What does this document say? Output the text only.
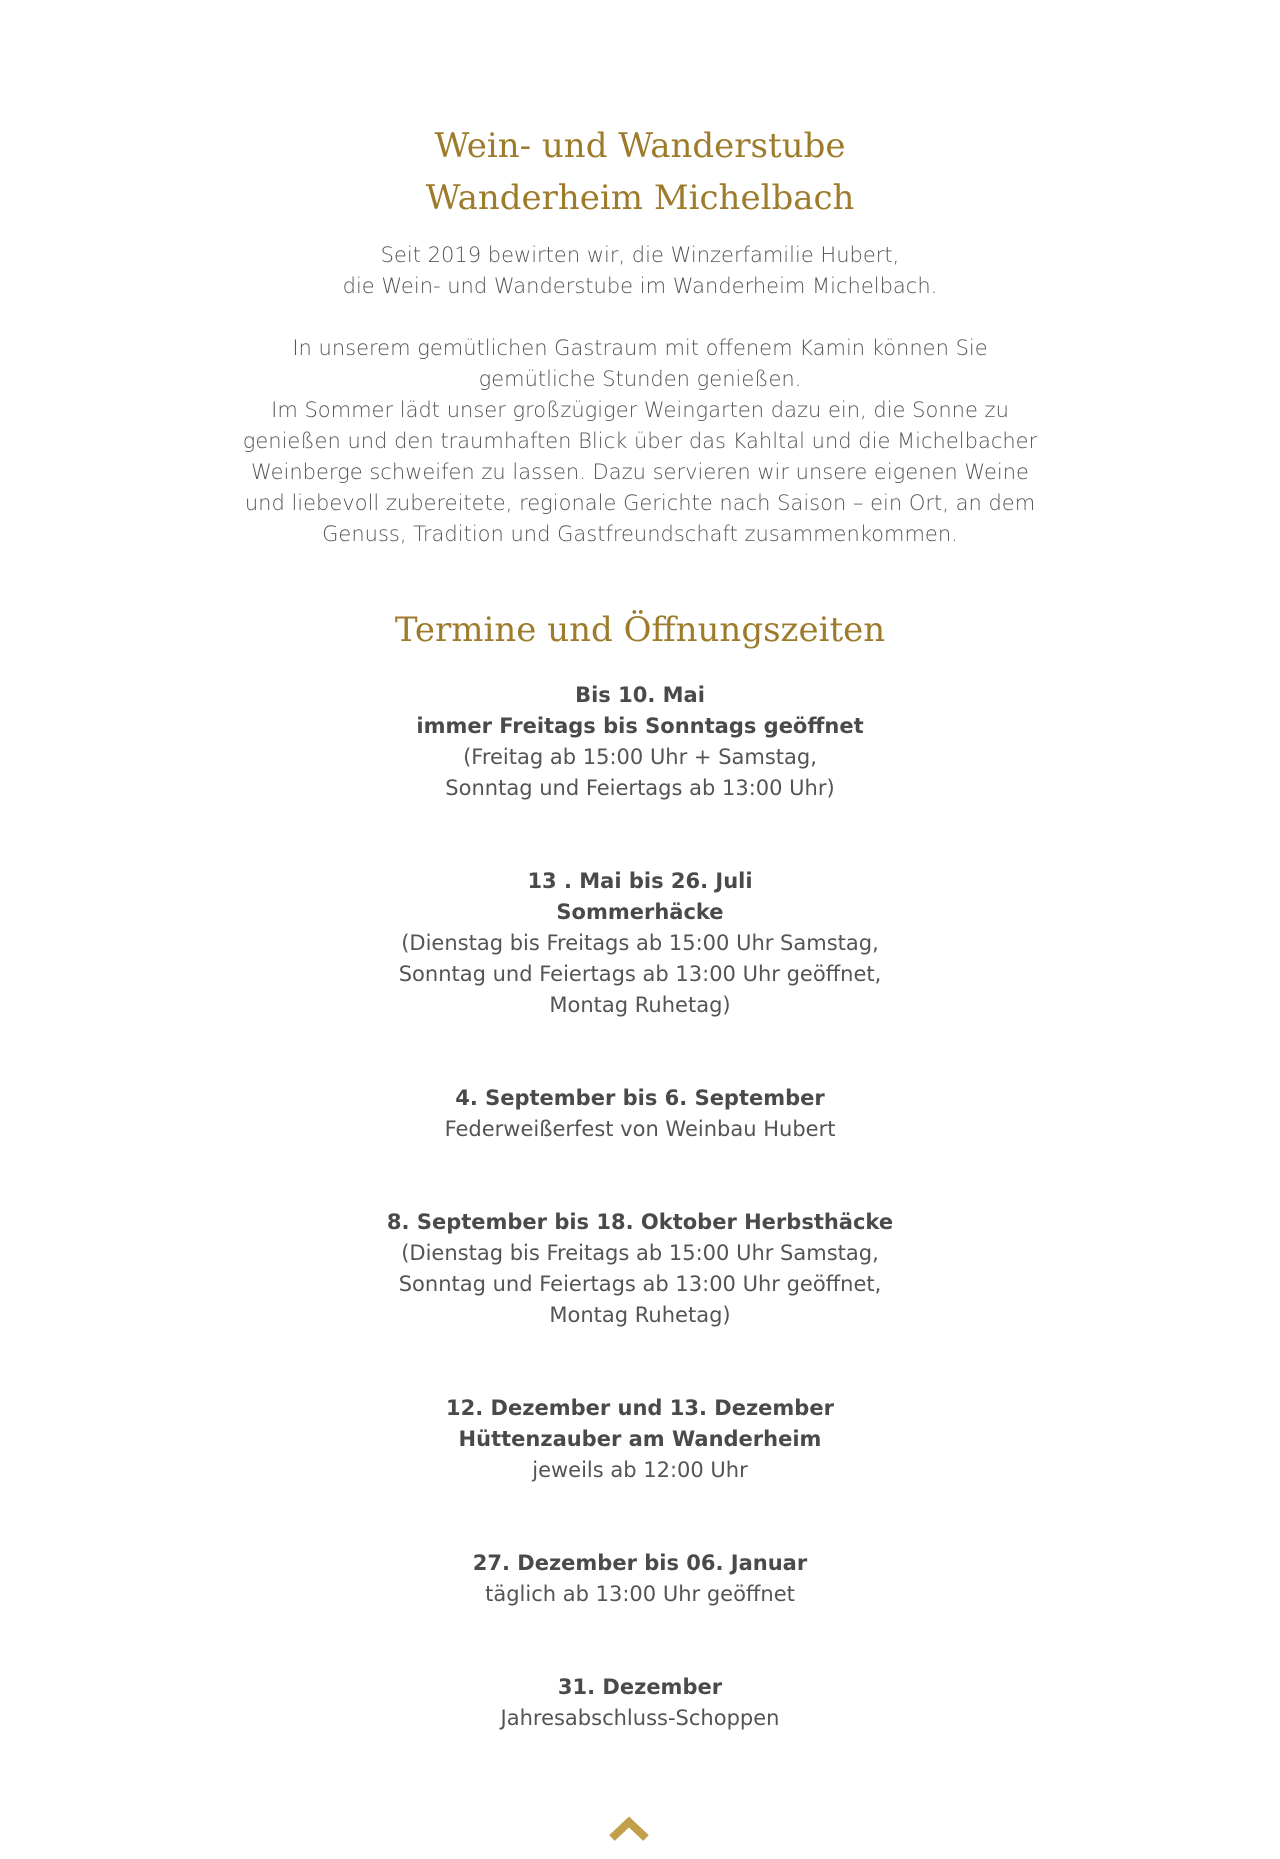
Wein- und Wanderstube
Wanderheim Michelbach

Seit 2019 bewirten wir, die Winzerfamilie Hubert,
die Wein- und Wanderstube im Wanderheim Michelbach.

In unserem gemütlichen Gastraum mit offenem Kamin können Sie
gemütliche Stunden genießen.
Im Sommer lädt unser großzügiger Weingarten dazu ein, die Sonne zu
genießen und den traumhaften Blick über das Kahltal und die Michelbacher
Weinberge schweifen zu lassen. Dazu servieren wir unsere eigenen Weine
und liebevoll zubereitete, regionale Gerichte nach Saison – ein Ort, an dem
Genuss, Tradition und Gastfreundschaft zusammenkommen.

Termine und Öffnungszeiten
Bis 10. Mai
immer Freitags bis Sonntags geöffnet
(Freitag ab 15:00 Uhr + Samstag,
Sonntag und Feiertags ab 13:00 Uhr)
13 . Mai bis 26. Juli
Sommerhäcke
(Dienstag bis Freitags ab 15:00 Uhr Samstag,
Sonntag und Feiertags ab 13:00 Uhr geöffnet,
Montag Ruhetag)
4. September bis 6. September
Federweißerfest von Weinbau Hubert
8. September bis 18. Oktober Herbsthäcke
(Dienstag bis Freitags ab 15:00 Uhr Samstag,
Sonntag und Feiertags ab 13:00 Uhr geöffnet,
Montag Ruhetag)
12. Dezember und 13. Dezember
Hüttenzauber am Wanderheim
jeweils ab 12:00 Uhr
27. Dezember bis 06. Januar
täglich ab 13:00 Uhr geöffnet
31. Dezember
Jahresabschluss-Schoppen
